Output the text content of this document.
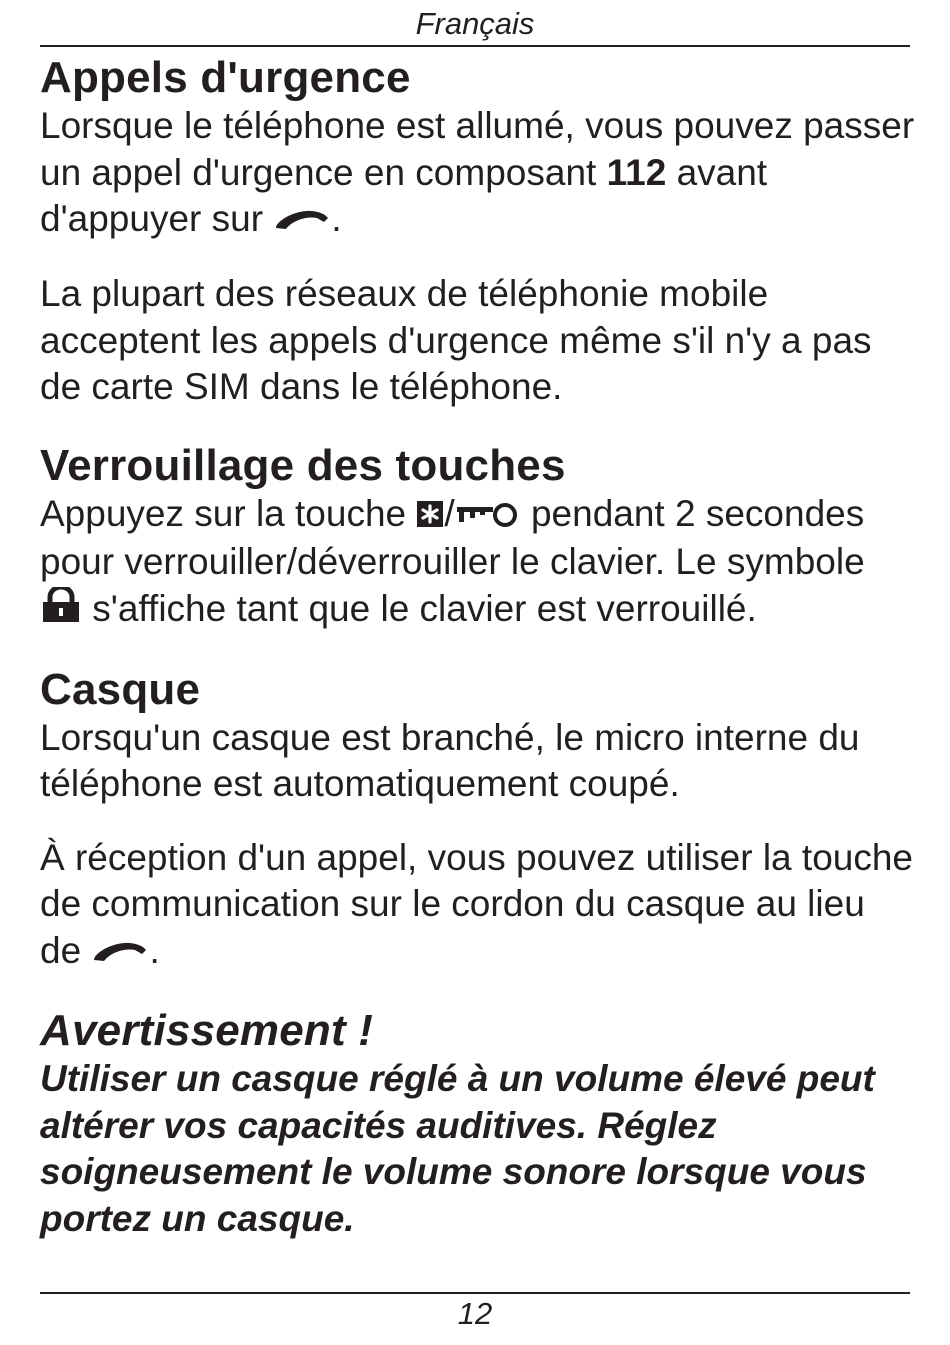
Français
Appels d'urgence

Lorsque le téléphone est allumé, vous pouvez passer un appel d'urgence en composant 112 avant d'appuyer sur .

La plupart des réseaux de téléphonie mobile acceptent les appels d'urgence même s'il n'y a pas de carte SIM dans le téléphone.

Verrouillage des touches

Appuyez sur la touche / pendant 2 secondes pour verrouiller/déverrouiller le clavier. Le symbole  s'affiche tant que le clavier est verrouillé.

Casque

Lorsqu'un casque est branché, le micro interne du téléphone est automatiquement coupé.

À réception d'un appel, vous pouvez utiliser la touche de communication sur le cordon du casque au lieu de .

Avertissement !

Utiliser un casque réglé à un volume élevé peut altérer vos capacités auditives. Réglez soigneusement le volume sonore lorsque vous portez un casque.

12
